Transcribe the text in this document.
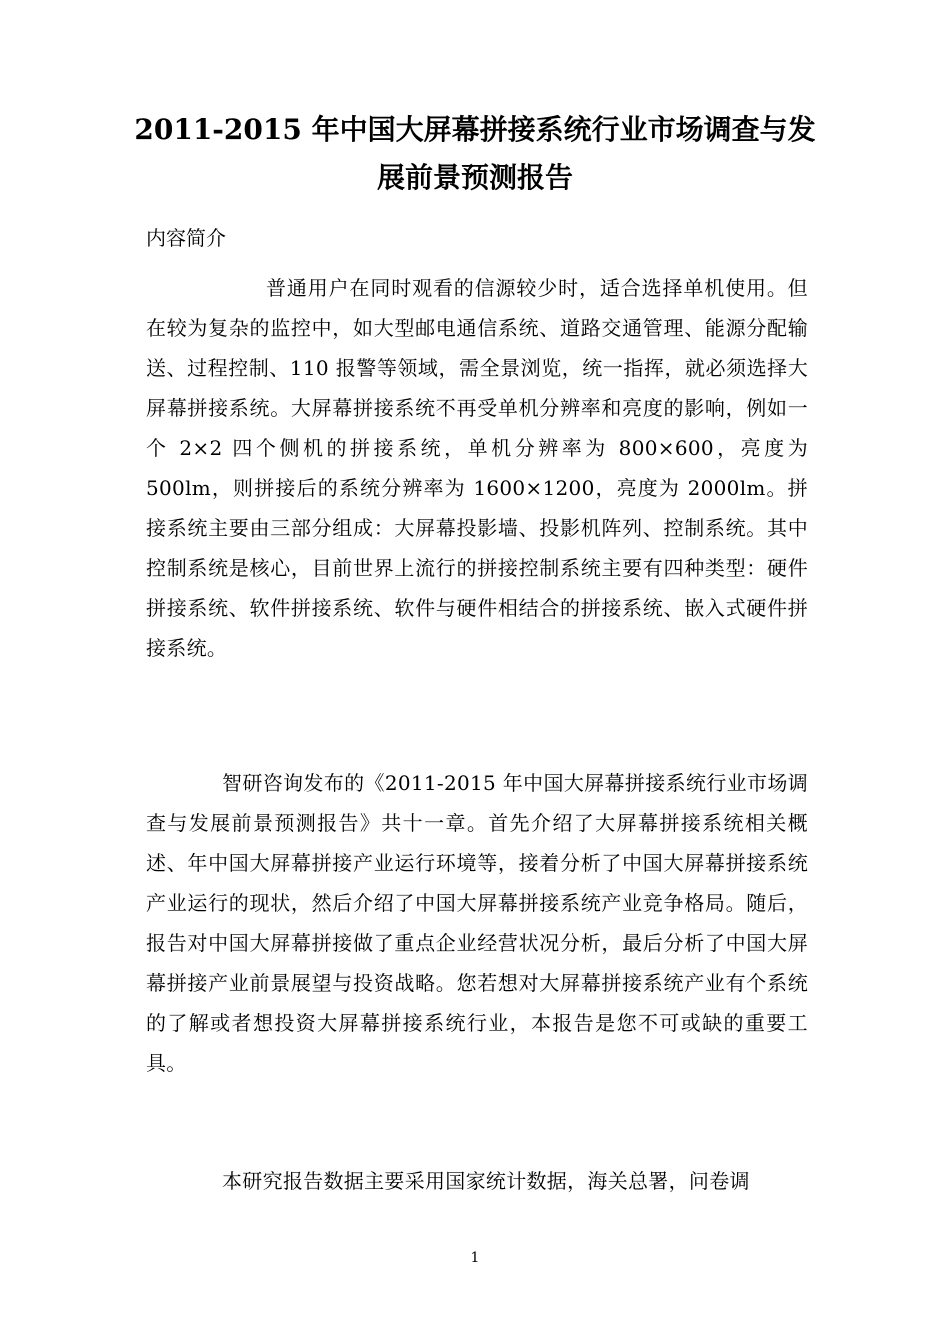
2011-2015 年中国大屏幕拼接系统行业市场调查与发
展前景预测报告

内容简介

普通用户在同时观看的信源较少时，适合选择单机使用。但在较为复杂的监控中，如大型邮电通信系统、道路交通管理、能源分配输送、过程控制、110 报警等领域，需全景浏览，统一指挥，就必须选择大屏幕拼接系统。大屏幕拼接系统不再受单机分辨率和亮度的影响，例如一个 2×2 四个侧机的拼接系统，单机分辨率为 800×600，亮度为 500lm，则拼接后的系统分辨率为 1600×1200，亮度为 2000lm。拼接系统主要由三部分组成：大屏幕投影墙、投影机阵列、控制系统。其中控制系统是核心，目前世界上流行的拼接控制系统主要有四种类型：硬件拼接系统、软件拼接系统、软件与硬件相结合的拼接系统、嵌入式硬件拼接系统。

智研咨询发布的《2011-2015 年中国大屏幕拼接系统行业市场调查与发展前景预测报告》共十一章。首先介绍了大屏幕拼接系统相关概述、年中国大屏幕拼接产业运行环境等，接着分析了中国大屏幕拼接系统产业运行的现状，然后介绍了中国大屏幕拼接系统产业竞争格局。随后，报告对中国大屏幕拼接做了重点企业经营状况分析，最后分析了中国大屏幕拼接产业前景展望与投资战略。您若想对大屏幕拼接系统产业有个系统的了解或者想投资大屏幕拼接系统行业，本报告是您不可或缺的重要工具。

本研究报告数据主要采用国家统计数据，海关总署，问卷调

1
